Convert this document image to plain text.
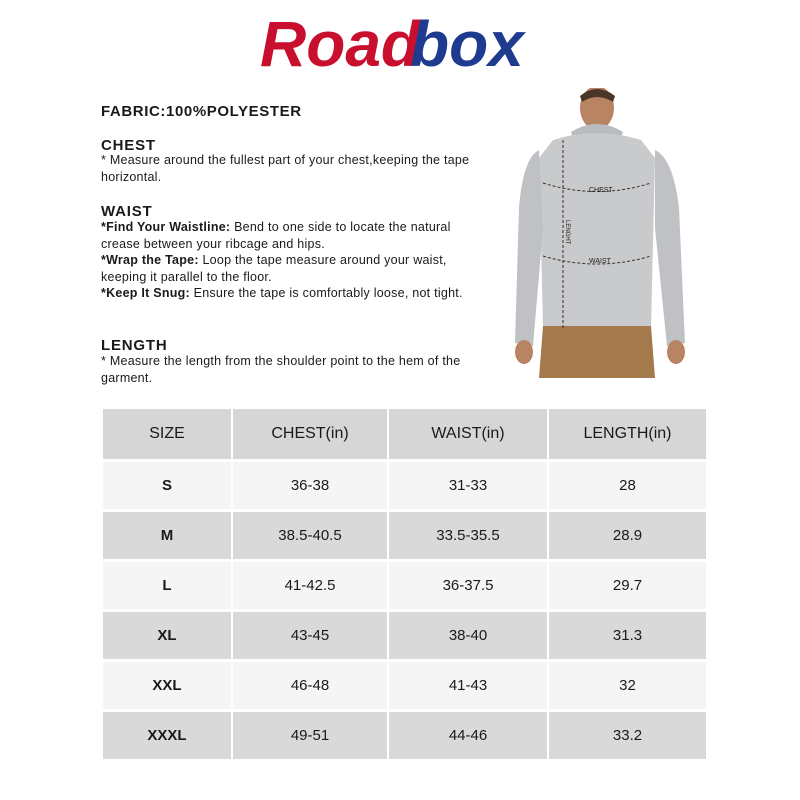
Road
box
FABRIC:100%POLYESTER
CHEST
* Measure around the fullest part of your chest,keeping the tape horizontal.
WAIST
*Find Your Waistline: Bend to one side to locate the natural crease between your ribcage and hips.
*Wrap the Tape: Loop the tape measure around your waist, keeping it parallel to the floor.
*Keep It Snug: Ensure the tape is comfortably loose, not tight.
LENGTH
* Measure the length from the shoulder point to the hem of the garment.
CHEST
WAIST
LENGHT
SIZE	CHEST(in)	WAIST(in)	LENGTH(in)
S	36-38	31-33	28
M	38.5-40.5	33.5-35.5	28.9
L	41-42.5	36-37.5	29.7
XL	43-45	38-40	31.3
XXL	46-48	41-43	32
XXXL	49-51	44-46	33.2
